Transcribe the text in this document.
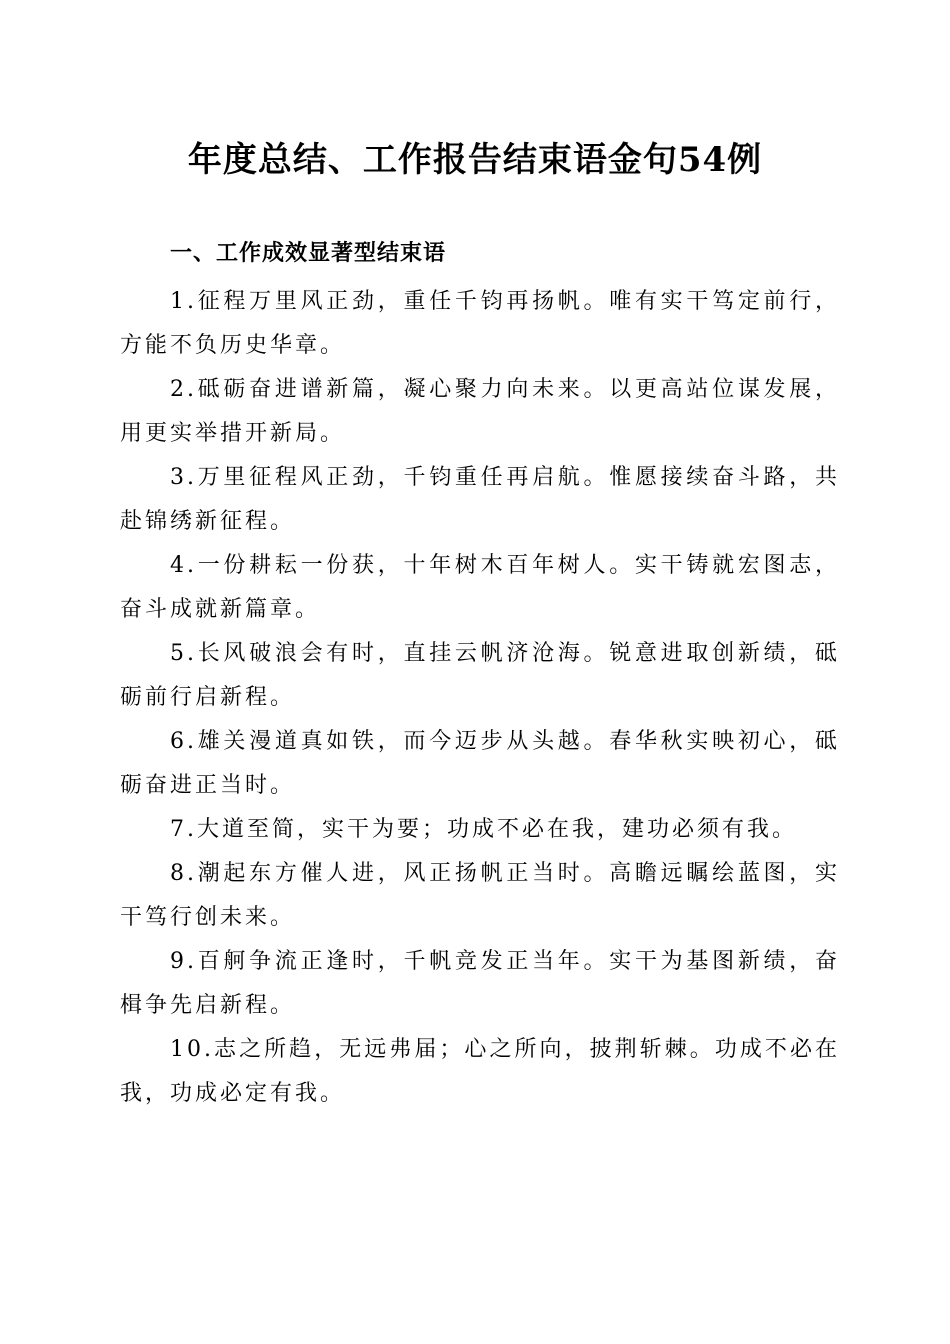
年度总结、工作报告结束语金句54例
一、工作成效显著型结束语

1.征程万里风正劲，重任千钧再扬帆。唯有实干笃定前行，方能不负历史华章。

2.砥砺奋进谱新篇，凝心聚力向未来。以更高站位谋发展，用更实举措开新局。

3.万里征程风正劲，千钧重任再启航。惟愿接续奋斗路，共赴锦绣新征程。

4.一份耕耘一份获，十年树木百年树人。实干铸就宏图志，奋斗成就新篇章。

5.长风破浪会有时，直挂云帆济沧海。锐意进取创新绩，砥砺前行启新程。

6.雄关漫道真如铁，而今迈步从头越。春华秋实映初心，砥砺奋进正当时。

7.大道至简，实干为要；功成不必在我，建功必须有我。

8.潮起东方催人进，风正扬帆正当时。高瞻远瞩绘蓝图，实干笃行创未来。

9.百舸争流正逢时，千帆竞发正当年。实干为基图新绩，奋楫争先启新程。

10.志之所趋，无远弗届；心之所向，披荆斩棘。功成不必在我，功成必定有我。
